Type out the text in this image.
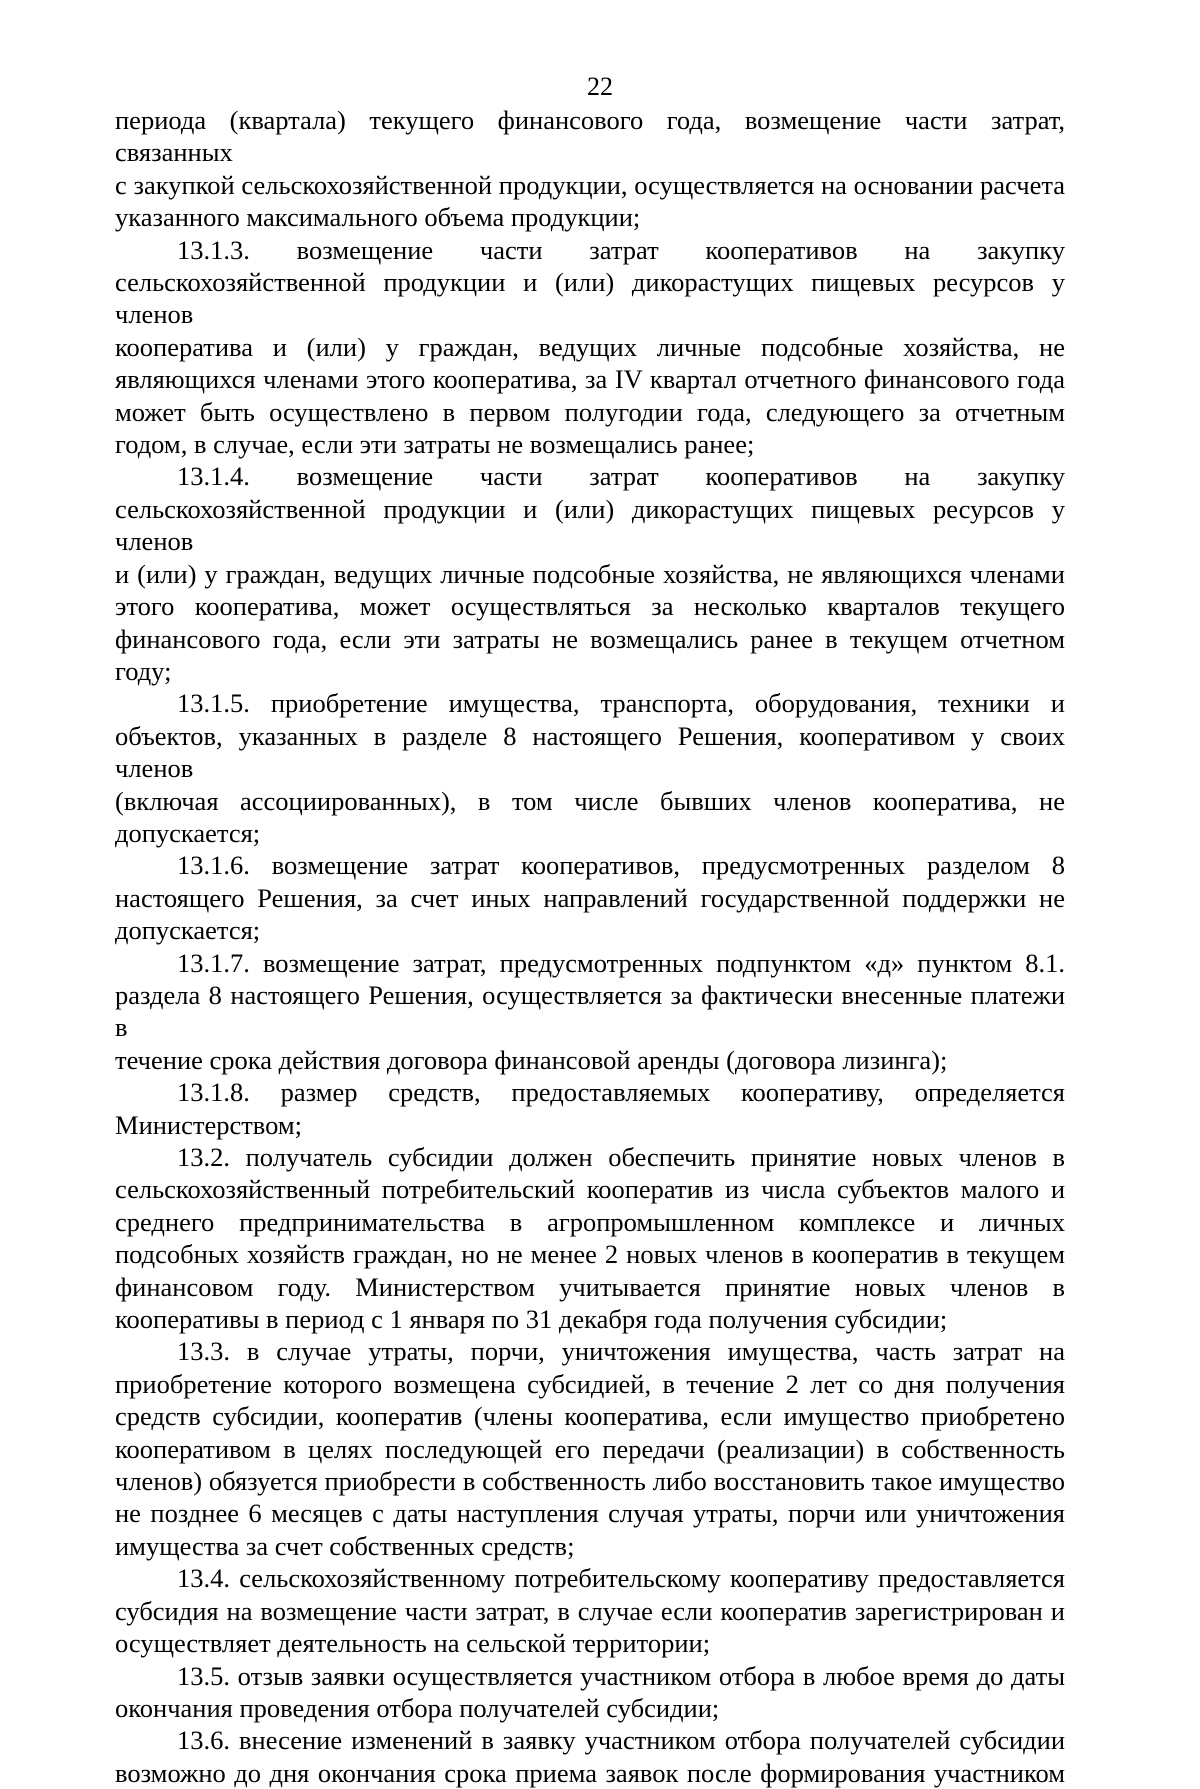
22
периода (квартала) текущего финансового года, возмещение части затрат, связанных
с закупкой сельскохозяйственной продукции, осуществляется на основании расчета
указанного максимального объема продукции;
13.1.3. возмещение части затрат кооперативов на закупку
сельскохозяйственной продукции и (или) дикорастущих пищевых ресурсов у членов
кооператива и (или) у граждан, ведущих личные подсобные хозяйства, не
являющихся членами этого кооператива, за IV квартал отчетного финансового года
может быть осуществлено в первом полугодии года, следующего за отчетным
годом, в случае, если эти затраты не возмещались ранее;
13.1.4. возмещение части затрат кооперативов на закупку
сельскохозяйственной продукции и (или) дикорастущих пищевых ресурсов у членов
и (или) у граждан, ведущих личные подсобные хозяйства, не являющихся членами
этого кооператива, может осуществляться за несколько кварталов текущего
финансового года, если эти затраты не возмещались ранее в текущем отчетном году;
13.1.5. приобретение имущества, транспорта, оборудования, техники и
объектов, указанных в разделе 8 настоящего Решения, кооперативом у своих членов
(включая ассоциированных), в том числе бывших членов кооператива, не
допускается;
13.1.6. возмещение затрат кооперативов, предусмотренных разделом 8
настоящего Решения, за счет иных направлений государственной поддержки не
допускается;
13.1.7. возмещение затрат, предусмотренных подпунктом «д» пунктом 8.1.
раздела 8 настоящего Решения, осуществляется за фактически внесенные платежи в
течение срока действия договора финансовой аренды (договора лизинга);
13.1.8. размер средств, предоставляемых кооперативу, определяется
Министерством;
13.2. получатель субсидии должен обеспечить принятие новых членов в
сельскохозяйственный потребительский кооператив из числа субъектов малого и
среднего предпринимательства в агропромышленном комплексе и личных
подсобных хозяйств граждан, но не менее 2 новых членов в кооператив в текущем
финансовом году. Министерством учитывается принятие новых членов в
кооперативы в период с 1 января по 31 декабря года получения субсидии;
13.3. в случае утраты, порчи, уничтожения имущества, часть затрат на
приобретение которого возмещена субсидией, в течение 2 лет со дня получения
средств субсидии, кооператив (члены кооператива, если имущество приобретено
кооперативом в целях последующей его передачи (реализации) в собственность
членов) обязуется приобрести в собственность либо восстановить такое имущество
не позднее 6 месяцев с даты наступления случая утраты, порчи или уничтожения
имущества за счет собственных средств;
13.4. сельскохозяйственному потребительскому кооперативу предоставляется
субсидия на возмещение части затрат, в случае если кооператив зарегистрирован и
осуществляет деятельность на сельской территории;
13.5. отзыв заявки осуществляется участником отбора в любое время до даты
окончания проведения отбора получателей субсидии;
13.6. внесение изменений в заявку участником отбора получателей субсидии
возможно до дня окончания срока приема заявок после формирования участником
